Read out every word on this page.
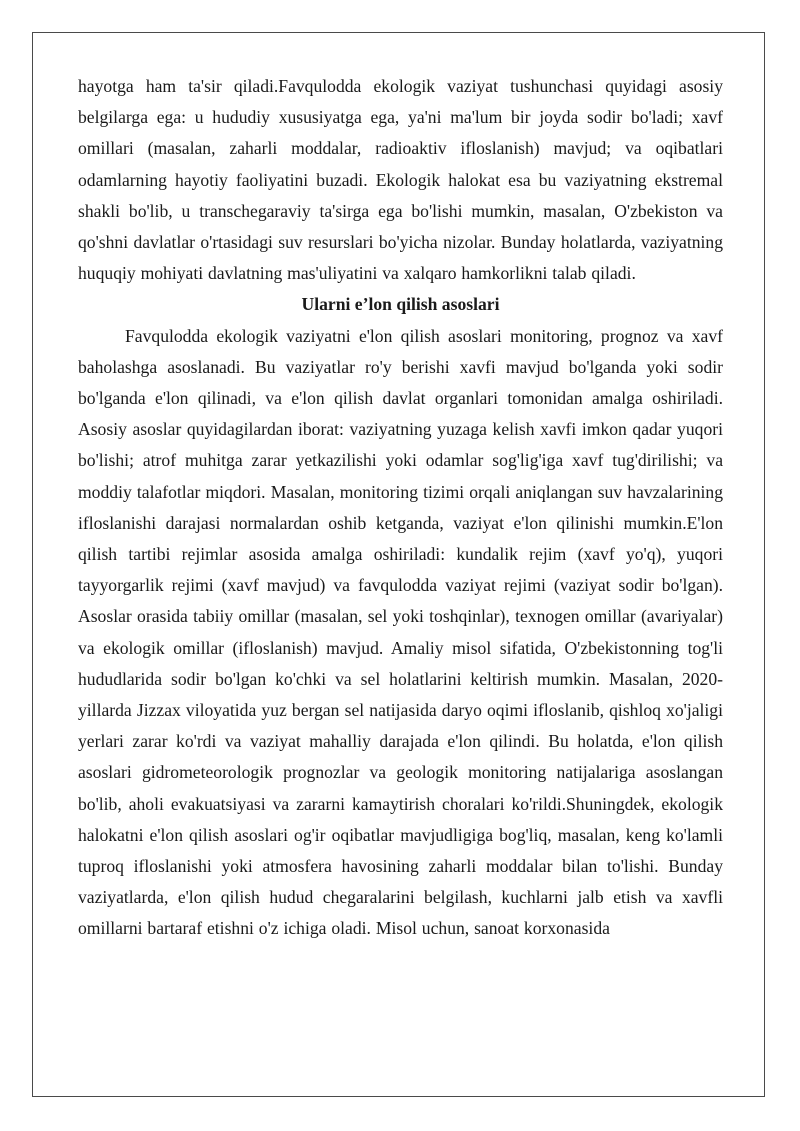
hayotga ham ta'sir qiladi.Favqulodda ekologik vaziyat tushunchasi quyidagi asosiy belgilarga ega: u hududiy xususiyatga ega, ya'ni ma'lum bir joyda sodir bo'ladi; xavf omillari (masalan, zaharli moddalar, radioaktiv ifloslanish) mavjud; va oqibatlari odamlarning hayotiy faoliyatini buzadi. Ekologik halokat esa bu vaziyatning ekstremal shakli bo'lib, u transchegaraviy ta'sirga ega bo'lishi mumkin, masalan, O'zbekiston va qo'shni davlatlar o'rtasidagi suv resurslari bo'yicha nizolar. Bunday holatlarda, vaziyatning huquqiy mohiyati davlatning mas'uliyatini va xalqaro hamkorlikni talab qiladi.

Ularni e’lon qilish asoslari

Favqulodda ekologik vaziyatni e'lon qilish asoslari monitoring, prognoz va xavf baholashga asoslanadi. Bu vaziyatlar ro'y berishi xavfi mavjud bo'lganda yoki sodir bo'lganda e'lon qilinadi, va e'lon qilish davlat organlari tomonidan amalga oshiriladi. Asosiy asoslar quyidagilardan iborat: vaziyatning yuzaga kelish xavfi imkon qadar yuqori bo'lishi; atrof muhitga zarar yetkazilishi yoki odamlar sog'lig'iga xavf tug'dirilishi; va moddiy talafotlar miqdori. Masalan, monitoring tizimi orqali aniqlangan suv havzalarining ifloslanishi darajasi normalardan oshib ketganda, vaziyat e'lon qilinishi mumkin.E'lon qilish tartibi rejimlar asosida amalga oshiriladi: kundalik rejim (xavf yo'q), yuqori tayyorgarlik rejimi (xavf mavjud) va favqulodda vaziyat rejimi (vaziyat sodir bo'lgan). Asoslar orasida tabiiy omillar (masalan, sel yoki toshqinlar), texnogen omillar (avariyalar) va ekologik omillar (ifloslanish) mavjud. Amaliy misol sifatida, O'zbekistonning tog'li hududlarida sodir bo'lgan ko'chki va sel holatlarini keltirish mumkin. Masalan, 2020-yillarda Jizzax viloyatida yuz bergan sel natijasida daryo oqimi ifloslanib, qishloq xo'jaligi yerlari zarar ko'rdi va vaziyat mahalliy darajada e'lon qilindi. Bu holatda, e'lon qilish asoslari gidrometeorologik prognozlar va geologik monitoring natijalariga asoslangan bo'lib, aholi evakuatsiyasi va zararni kamaytirish choralari ko'rildi.Shuningdek, ekologik halokatni e'lon qilish asoslari og'ir oqibatlar mavjudligiga bog'liq, masalan, keng ko'lamli tuproq ifloslanishi yoki atmosfera havosining zaharli moddalar bilan to'lishi. Bunday vaziyatlarda, e'lon qilish hudud chegaralarini belgilash, kuchlarni jalb etish va xavfli omillarni bartaraf etishni o'z ichiga oladi. Misol uchun, sanoat korxonasida
